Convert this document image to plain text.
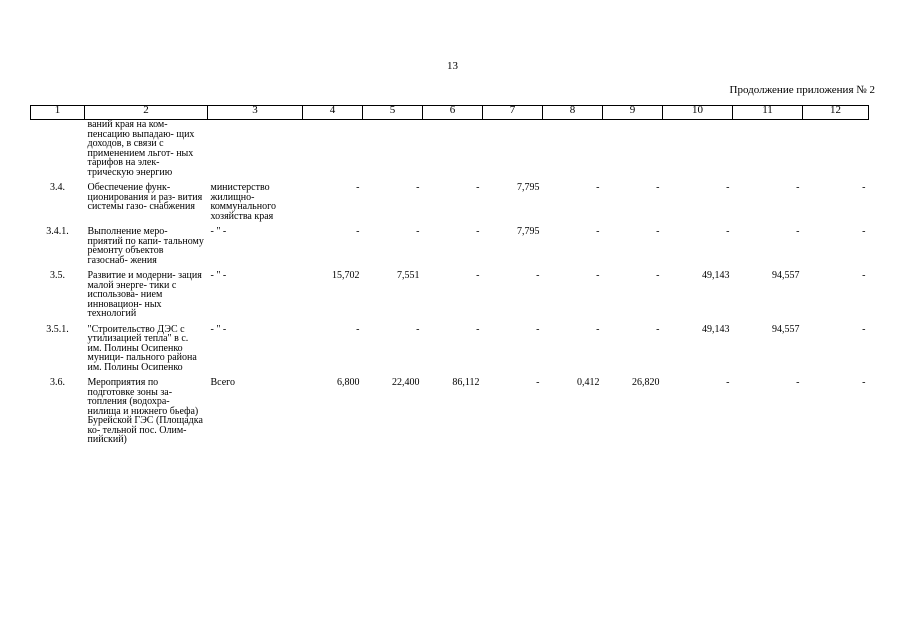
13
Продолжение приложения № 2
1	2	3	4	5	6	7	8	9	10	11	12
	ваний края на ком- пенсацию выпадаю- щих доходов, в связи с применением льгот- ных тарифов на элек- трическую энергию										
3.4.	Обеспечение функ- ционирования и раз- вития системы газо- снабжения	министерство жилищно- коммунального хозяйства края	-	-	-	7,795	-	-	-	-	-
3.4.1.	Выполнение меро- приятий по капи- тальному ремонту объектов газоснаб- жения	- " -	-	-	-	7,795	-	-	-	-	-
3.5.	Развитие и модерни- зация малой энерге- тики с использова- нием инновацион- ных технологий	- " -	15,702	7,551	-	-	-	-	49,143	94,557	-
3.5.1.	"Строительство ДЭС с утилизацией тепла" в с. им. Полины Осипенко муници- пального района им. Полины Осипенко	- " -	-	-	-	-	-	-	49,143	94,557	-
3.6.	Мероприятия по подготовке зоны за- топления (водохра- нилища и нижнего бьефа) Бурейской ГЭС (Площадка ко- тельной пос. Олим- пийский)	Всего	6,800	22,400	86,112	-	0,412	26,820	-	-	-
